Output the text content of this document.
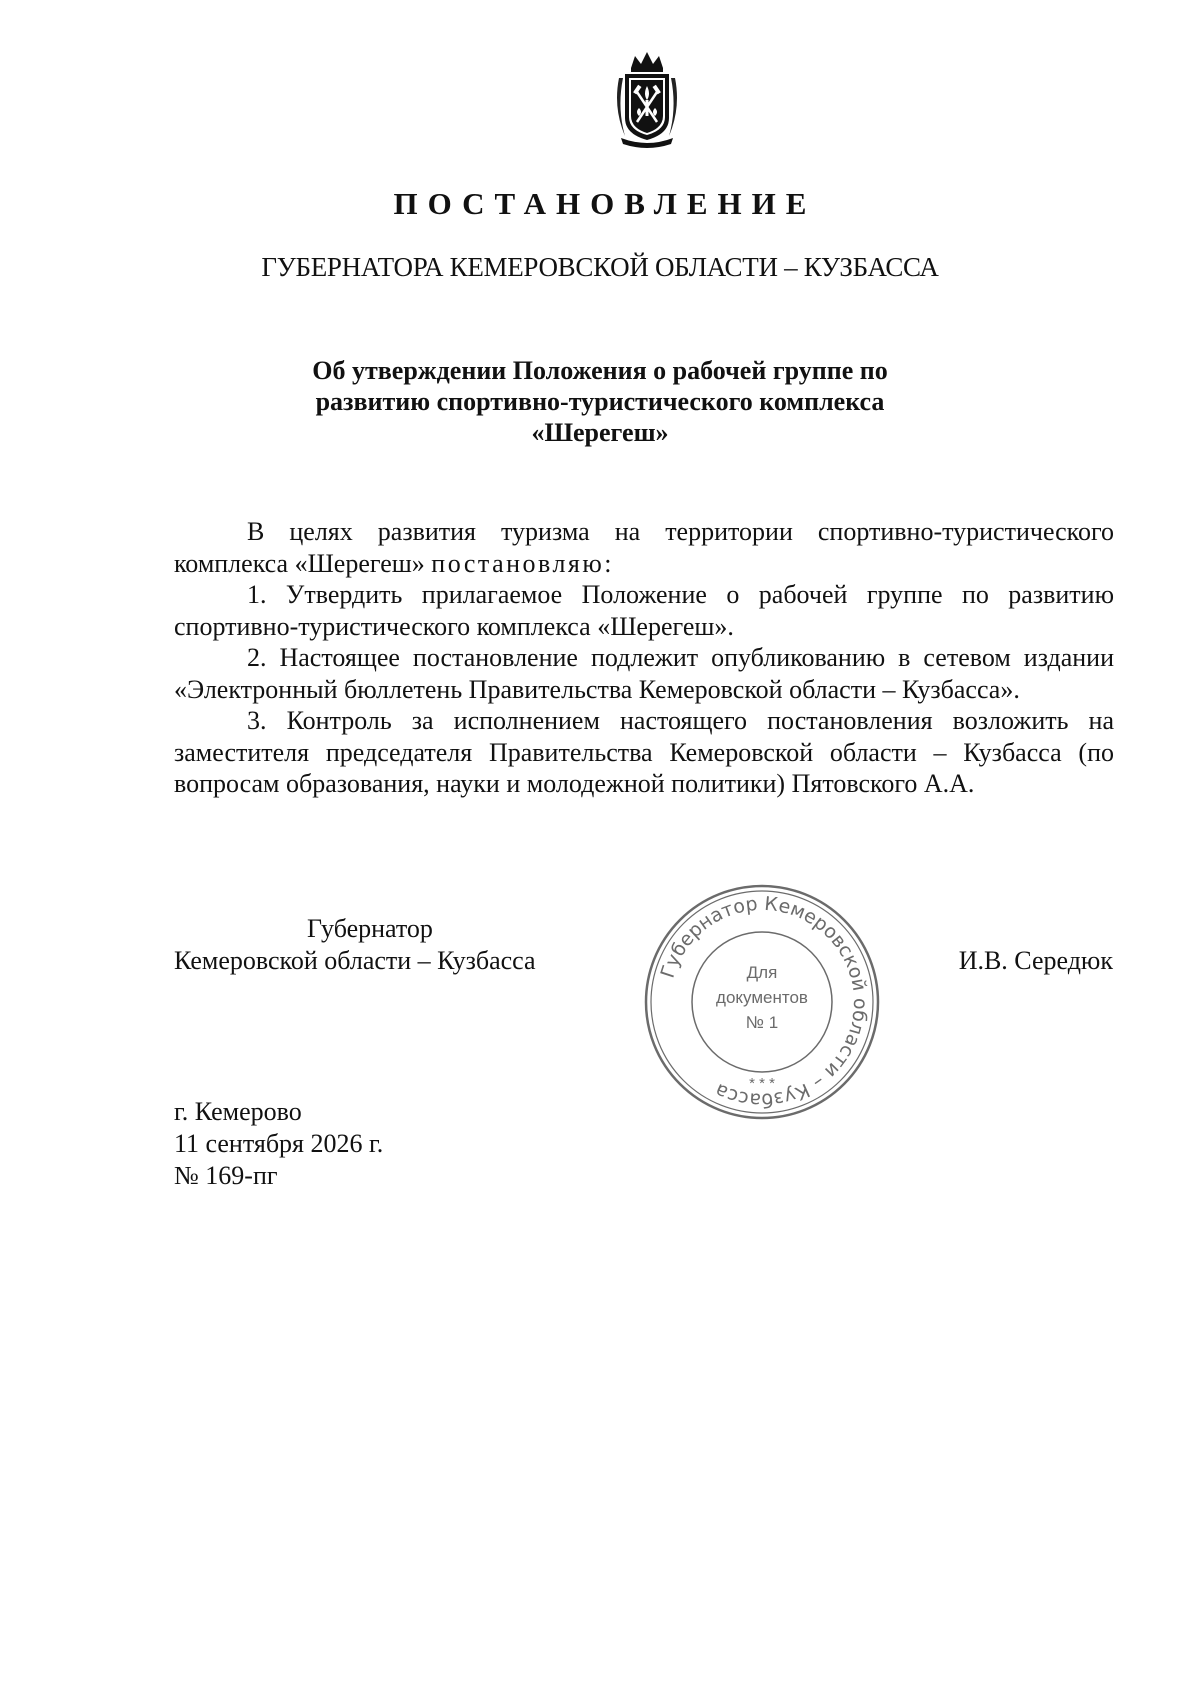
ПОСТАНОВЛЕНИЕ
ГУБЕРНАТОРА КЕМЕРОВСКОЙ ОБЛАСТИ – КУЗБАССА
Об утверждении Положения о рабочей группе по
развитию спортивно-туристического комплекса
«Шерегеш»

В целях развития туризма на территории спортивно-туристического комплекса «Шерегеш» постановляю:

1. Утвердить прилагаемое Положение о рабочей группе по развитию спортивно-туристического комплекса «Шерегеш».

2. Настоящее постановление подлежит опубликованию в сетевом издании «Электронный бюллетень Правительства Кемеровской области – Кузбасса».

3. Контроль за исполнением настоящего постановления возложить на заместителя председателя Правительства Кемеровской области – Кузбасса (по вопросам образования, науки и молодежной политики) Пятовского А.А.

Губернатор
Кемеровской области – Кузбасса	Губернатор Кемеровской области – Кузбасса
Для
документов
№ 1
* * *
И.В. Середюк
г. Кемерово
11 сентября 2026 г.
№ 169-пг
